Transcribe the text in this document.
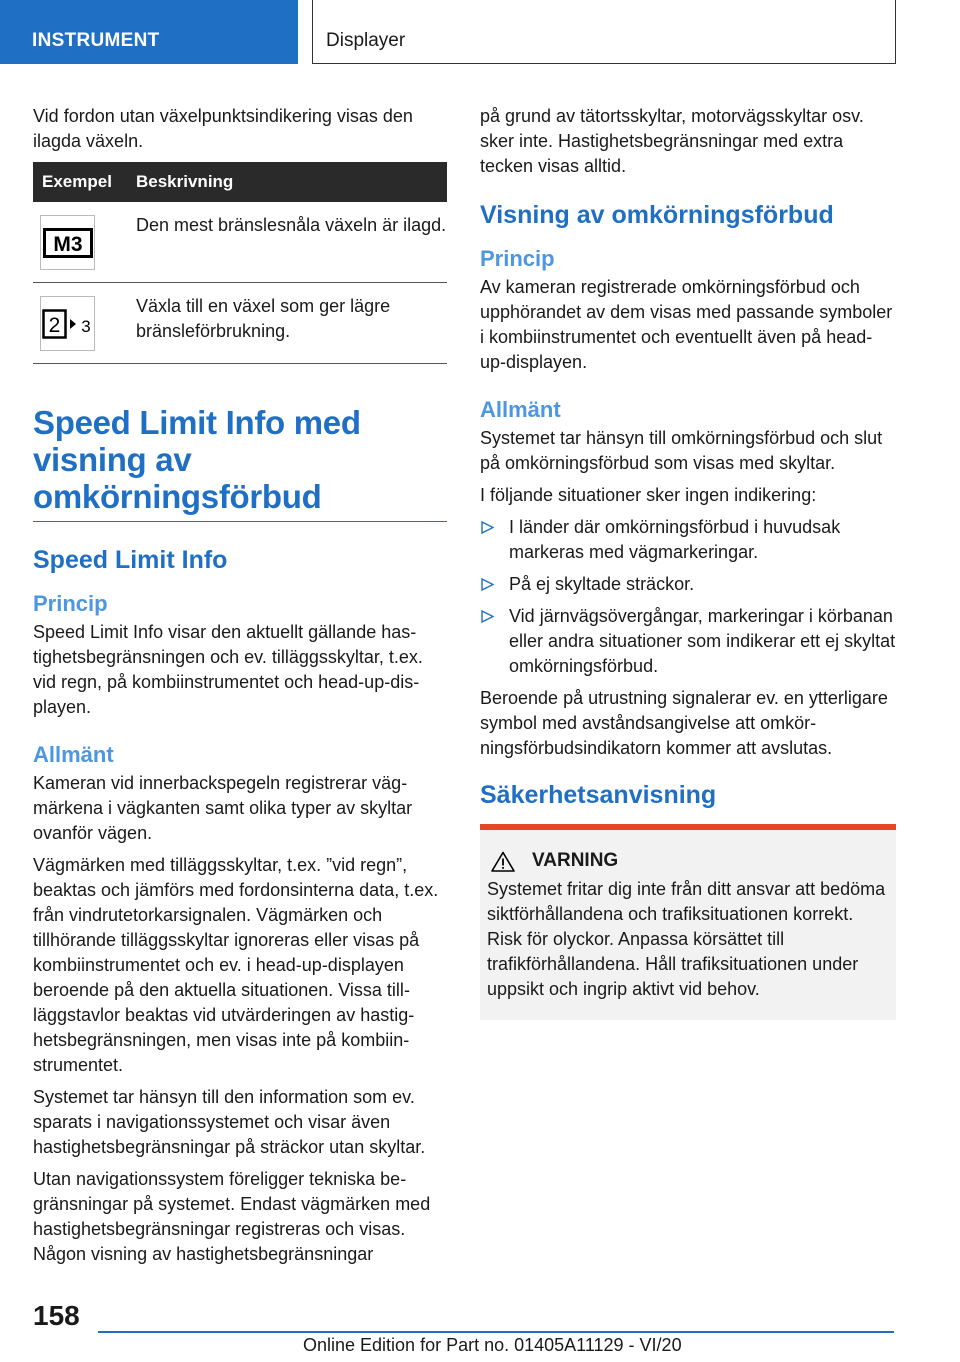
INSTRUMENT	Displayer

Vid fordon utan växelpunktsindikering visas den ilagda växeln.

Exempel	Beskrivning
M3
Den mest bränslesnåla växeln är ilagd.
2 3
Växla till en växel som ger lägre bränsleförbrukning.
Speed Limit Info med visning av omkörningsförbud
Speed Limit Info
Princip

Speed Limit Info visar den aktuellt gällande hastighetsbegränsningen och ev. tilläggsskyltar, t.ex. vid regn, på kombiinstrumentet och head-up-displayen.

Allmänt

Kameran vid innerbackspegeln registrerar vägmärkena i vägkanten samt olika typer av skyltar ovanför vägen.

Vägmärken med tilläggsskyltar, t.ex. ”vid regn”, beaktas och jämförs med fordonsinterna data, t.ex. från vindrutetorkarsignalen. Vägmärken och tillhörande tilläggsskyltar ignoreras eller visas på kombiinstrumentet och ev. i head-up-displayen beroende på den aktuella situationen. Vissa tillläggstavlor beaktas vid utvärderingen av hastighetsbegränsningen, men visas inte på kombiinstrumentet.

Systemet tar hänsyn till den information som ev. sparats i navigationssystemet och visar även hastighetsbegränsningar på sträckor utan skyltar.

Utan navigationssystem föreligger tekniska begränsningar på systemet. Endast vägmärken med hastighetsbegränsningar registreras och visas. Någon visning av hastighetsbegränsningar

på grund av tätortsskyltar, motorvägsskyltar osv. sker inte. Hastighetsbegränsningar med extra tecken visas alltid.

Visning av omkörningsförbud
Princip

Av kameran registrerade omkörningsförbud och upphörandet av dem visas med passande symboler i kombiinstrumentet och eventuellt även på head-up-displayen.

Allmänt

Systemet tar hänsyn till omkörningsförbud och slut på omkörningsförbud som visas med skyltar.

I följande situationer sker ingen indikering:

I länder där omkörningsförbud i huvudsak markeras med vägmarkeringar.
På ej skyltade sträckor.
Vid järnvägsövergångar, markeringar i körbanan eller andra situationer som indikerar ett ej skyltat omkörningsförbud.

Beroende på utrustning signalerar ev. en ytterligare symbol med avståndsangivelse att omkörningsförbudsindikatorn kommer att avslutas.

Säkerhetsanvisning
VARNING

Systemet fritar dig inte från ditt ansvar att bedöma siktförhållandena och trafiksituationen korrekt. Risk för olyckor. Anpassa körsättet till trafikförhållandena. Håll trafiksituationen under uppsikt och ingrip aktivt vid behov.

158
Online Edition for Part no. 01405A11129 - VI/20
